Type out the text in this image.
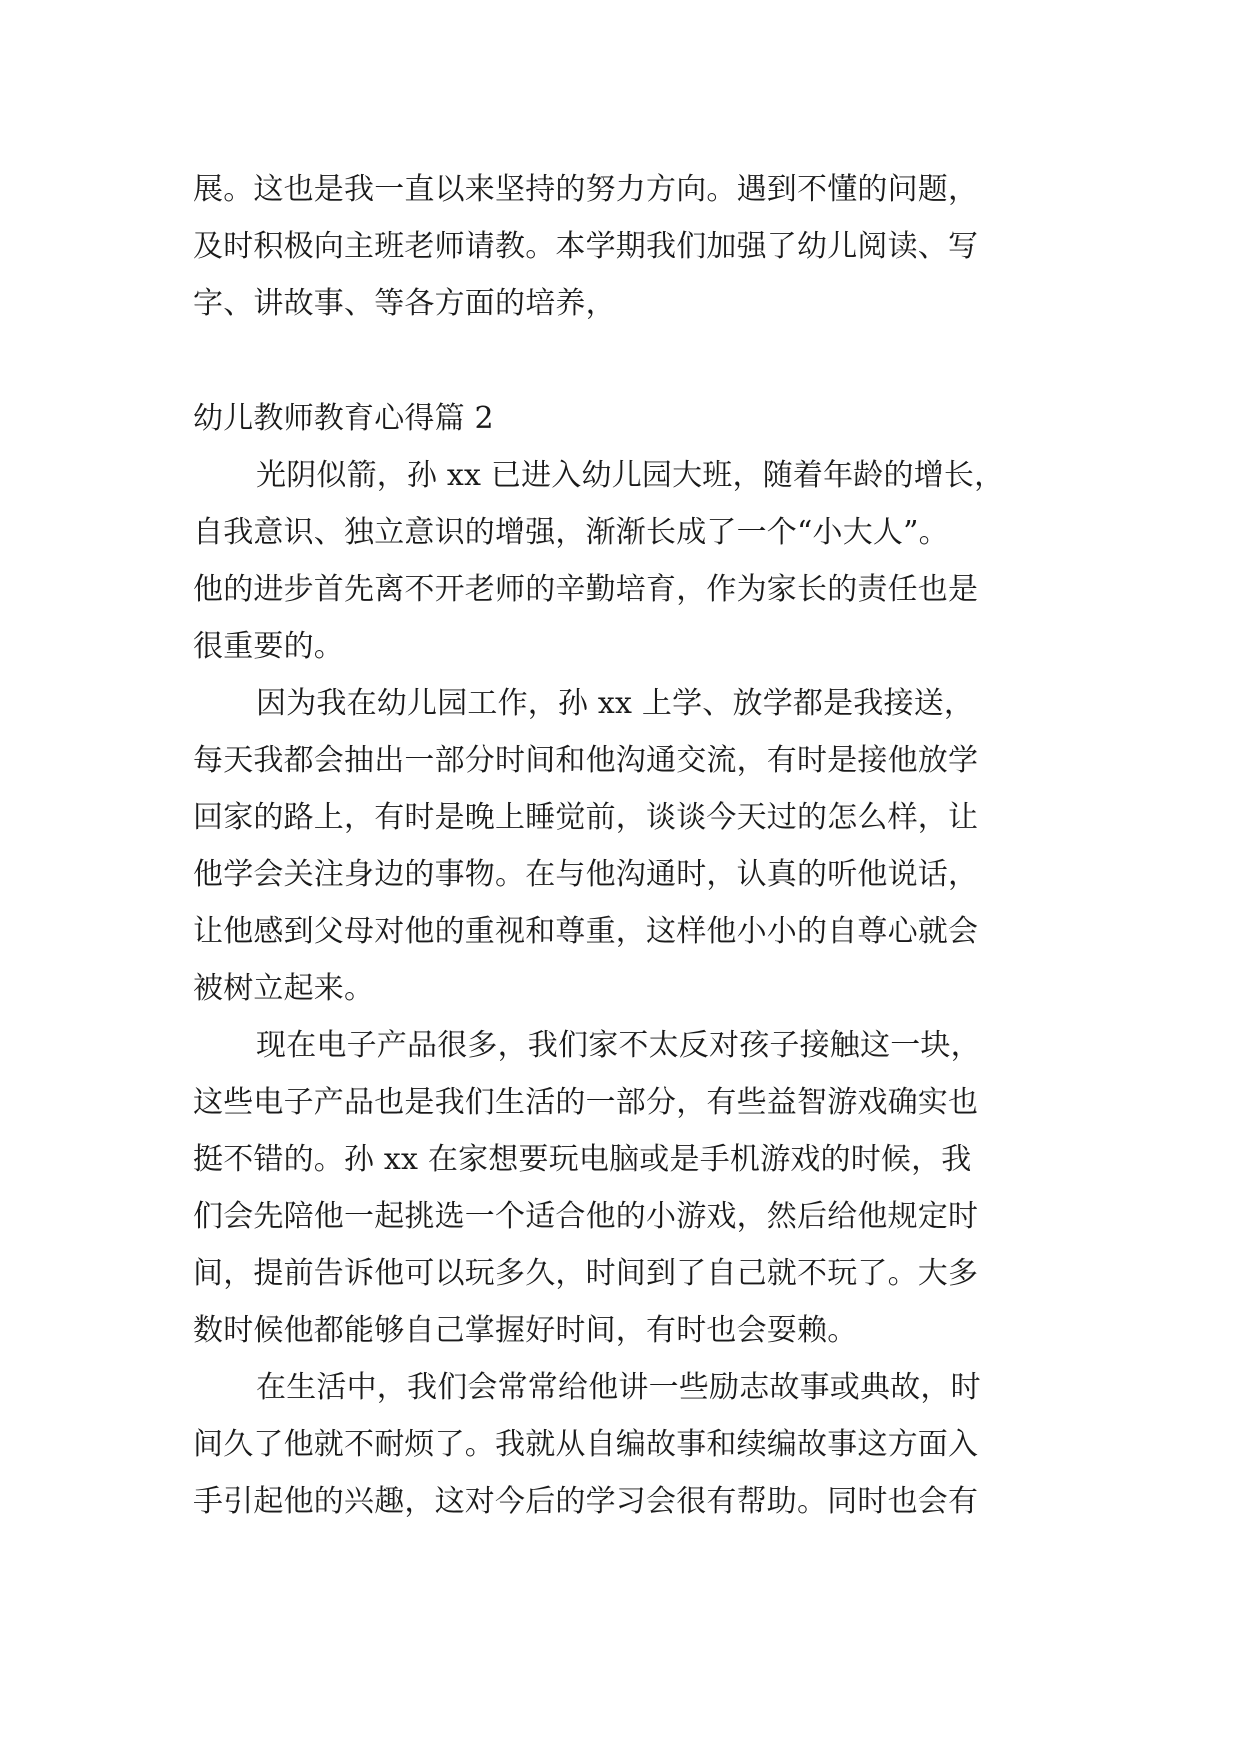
展。这也是我一直以来坚持的努力方向。遇到不懂的问题，
及时积极向主班老师请教。本学期我们加强了幼儿阅读、写
字、讲故事、等各方面的培养，
幼儿教师教育心得篇 2
光阴似箭，孙 xx 已进入幼儿园大班，随着年龄的增长，
自我意识、独立意识的增强，渐渐长成了一个“小大人”。
他的进步首先离不开老师的辛勤培育，作为家长的责任也是
很重要的。
因为我在幼儿园工作，孙 xx 上学、放学都是我接送，
每天我都会抽出一部分时间和他沟通交流，有时是接他放学
回家的路上，有时是晚上睡觉前，谈谈今天过的怎么样，让
他学会关注身边的事物。在与他沟通时，认真的听他说话，
让他感到父母对他的重视和尊重，这样他小小的自尊心就会
被树立起来。
现在电子产品很多，我们家不太反对孩子接触这一块，
这些电子产品也是我们生活的一部分，有些益智游戏确实也
挺不错的。孙 xx 在家想要玩电脑或是手机游戏的时候，我
们会先陪他一起挑选一个适合他的小游戏，然后给他规定时
间，提前告诉他可以玩多久，时间到了自己就不玩了。大多
数时候他都能够自己掌握好时间，有时也会耍赖。
在生活中，我们会常常给他讲一些励志故事或典故，时
间久了他就不耐烦了。我就从自编故事和续编故事这方面入
手引起他的兴趣，这对今后的学习会很有帮助。同时也会有
